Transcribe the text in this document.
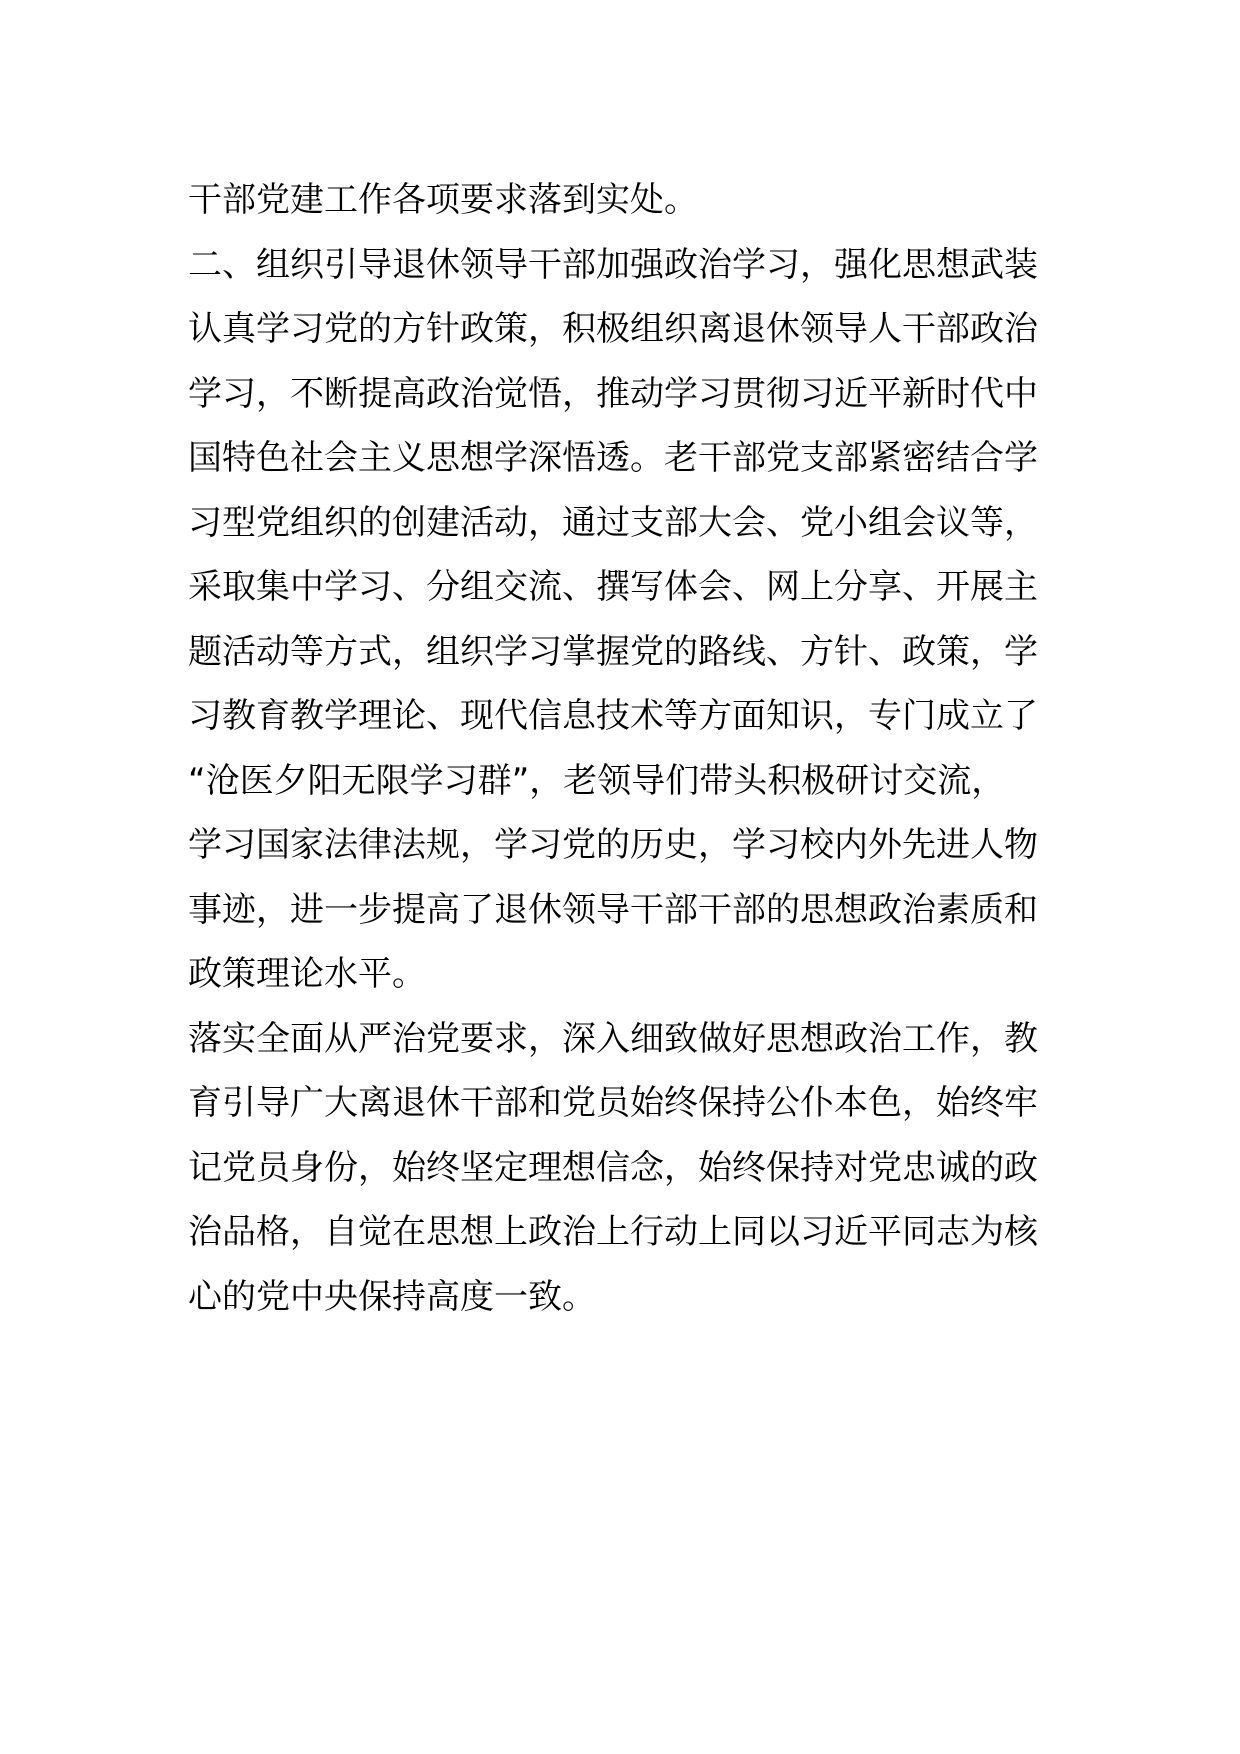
干部党建工作各项要求落到实处。
二、组织引导退休领导干部加强政治学习，强化思想武装
认真学习党的方针政策，积极组织离退休领导人干部政治
学习，不断提高政治觉悟，推动学习贯彻习近平新时代中
国特色社会主义思想学深悟透。老干部党支部紧密结合学
习型党组织的创建活动，通过支部大会、党小组会议等，
采取集中学习、分组交流、撰写体会、网上分享、开展主
题活动等方式，组织学习掌握党的路线、方针、政策，学
习教育教学理论、现代信息技术等方面知识，专门成立了
“沧医夕阳无限学习群”，老领导们带头积极研讨交流，
学习国家法律法规，学习党的历史，学习校内外先进人物
事迹，进一步提高了退休领导干部干部的思想政治素质和
政策理论水平。
落实全面从严治党要求，深入细致做好思想政治工作，教
育引导广大离退休干部和党员始终保持公仆本色，始终牢
记党员身份，始终坚定理想信念，始终保持对党忠诚的政
治品格，自觉在思想上政治上行动上同以习近平同志为核
心的党中央保持高度一致。
